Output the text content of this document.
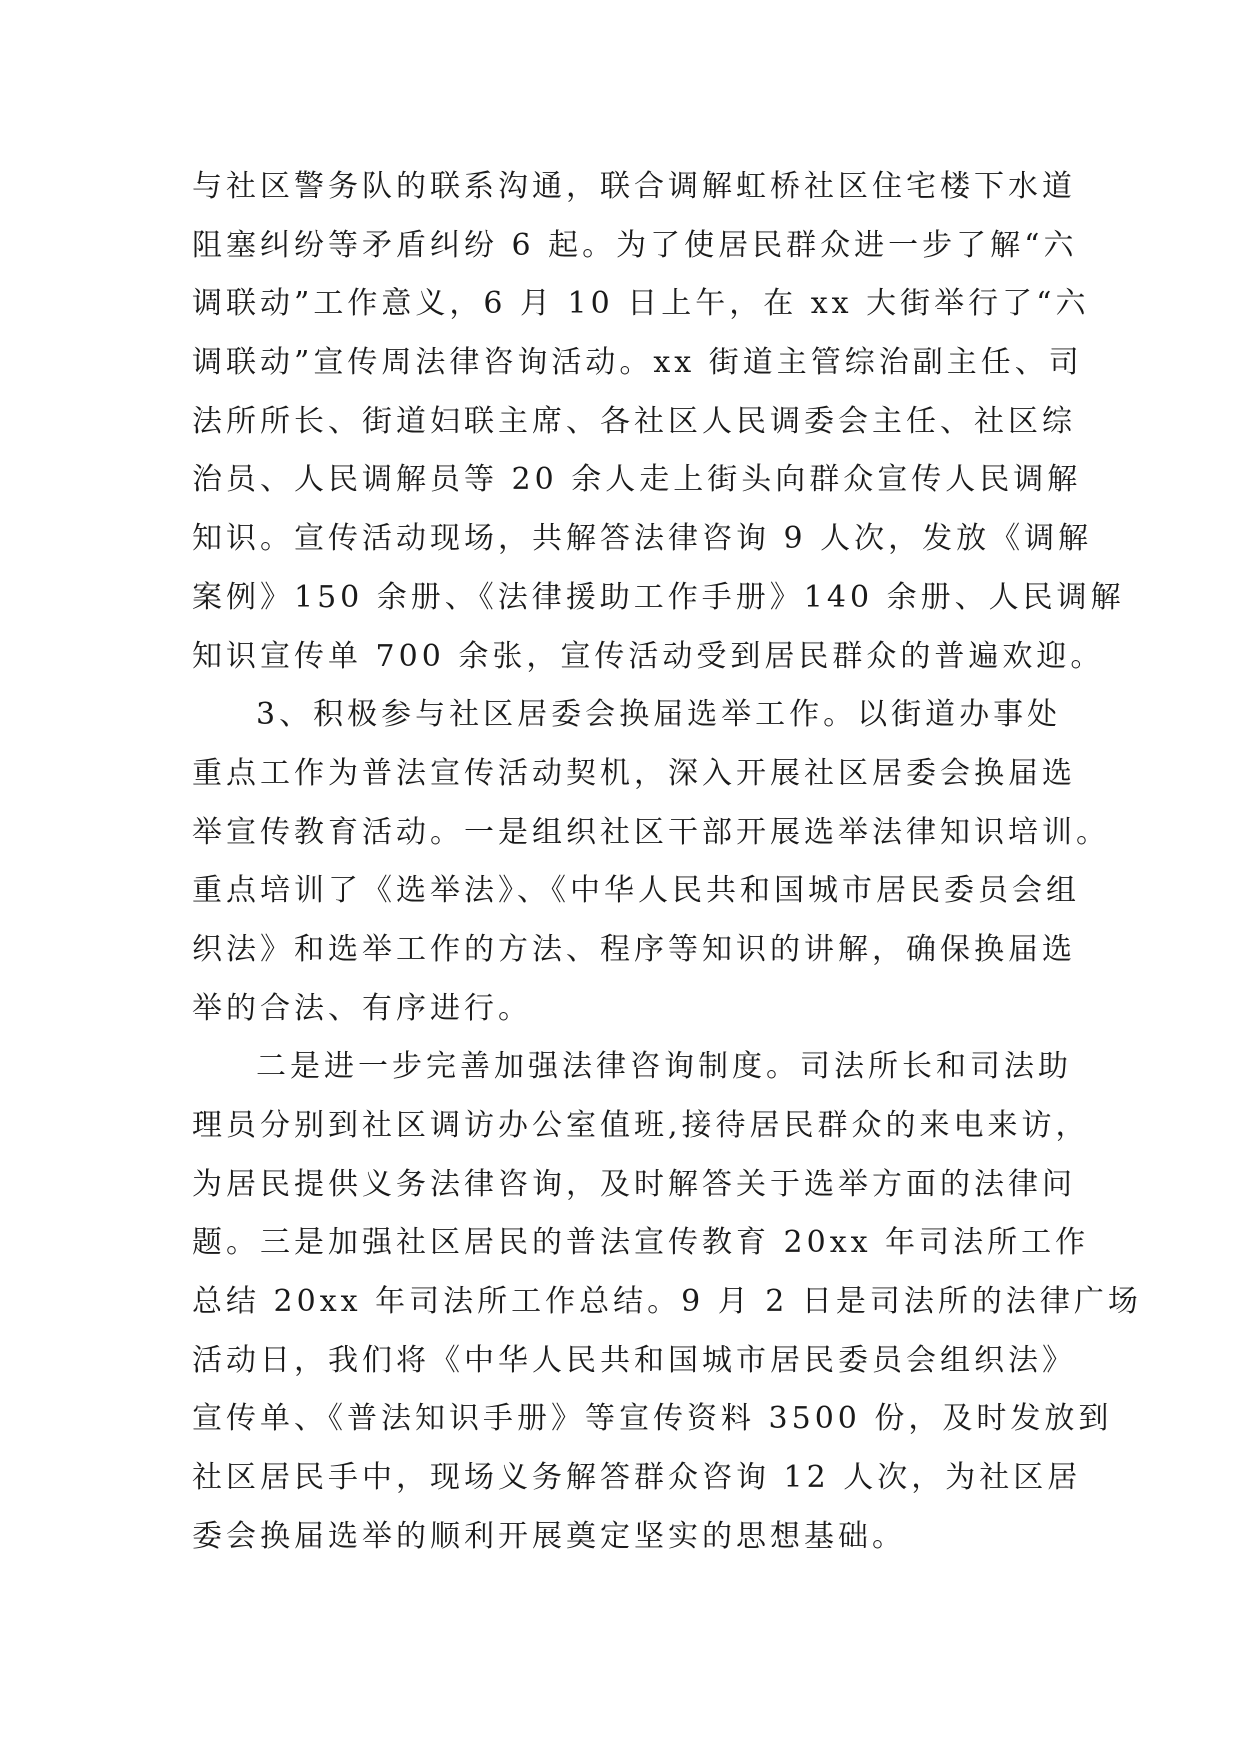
与社区警务队的联系沟通，联合调解虹桥社区住宅楼下水道
阻塞纠纷等矛盾纠纷 6 起。为了使居民群众进一步了解“六
调联动”工作意义，6 月 10 日上午，在 xx 大街举行了“六
调联动”宣传周法律咨询活动。xx 街道主管综治副主任、司
法所所长、街道妇联主席、各社区人民调委会主任、社区综
治员、人民调解员等 20 余人走上街头向群众宣传人民调解
知识。宣传活动现场，共解答法律咨询 9 人次，发放《调解
案例》150 余册、《法律援助工作手册》140 余册、人民调解
知识宣传单 700 余张，宣传活动受到居民群众的普遍欢迎。
3、积极参与社区居委会换届选举工作。以街道办事处
重点工作为普法宣传活动契机，深入开展社区居委会换届选
举宣传教育活动。一是组织社区干部开展选举法律知识培训。
重点培训了《选举法》、《中华人民共和国城市居民委员会组
织法》和选举工作的方法、程序等知识的讲解，确保换届选
举的合法、有序进行。
二是进一步完善加强法律咨询制度。司法所长和司法助
理员分别到社区调访办公室值班,接待居民群众的来电来访，
为居民提供义务法律咨询，及时解答关于选举方面的法律问
题。三是加强社区居民的普法宣传教育 20xx 年司法所工作
总结 20xx 年司法所工作总结。9 月 2 日是司法所的法律广场
活动日，我们将《中华人民共和国城市居民委员会组织法》
宣传单、《普法知识手册》等宣传资料 3500 份，及时发放到
社区居民手中，现场义务解答群众咨询 12 人次，为社区居
委会换届选举的顺利开展奠定坚实的思想基础。
